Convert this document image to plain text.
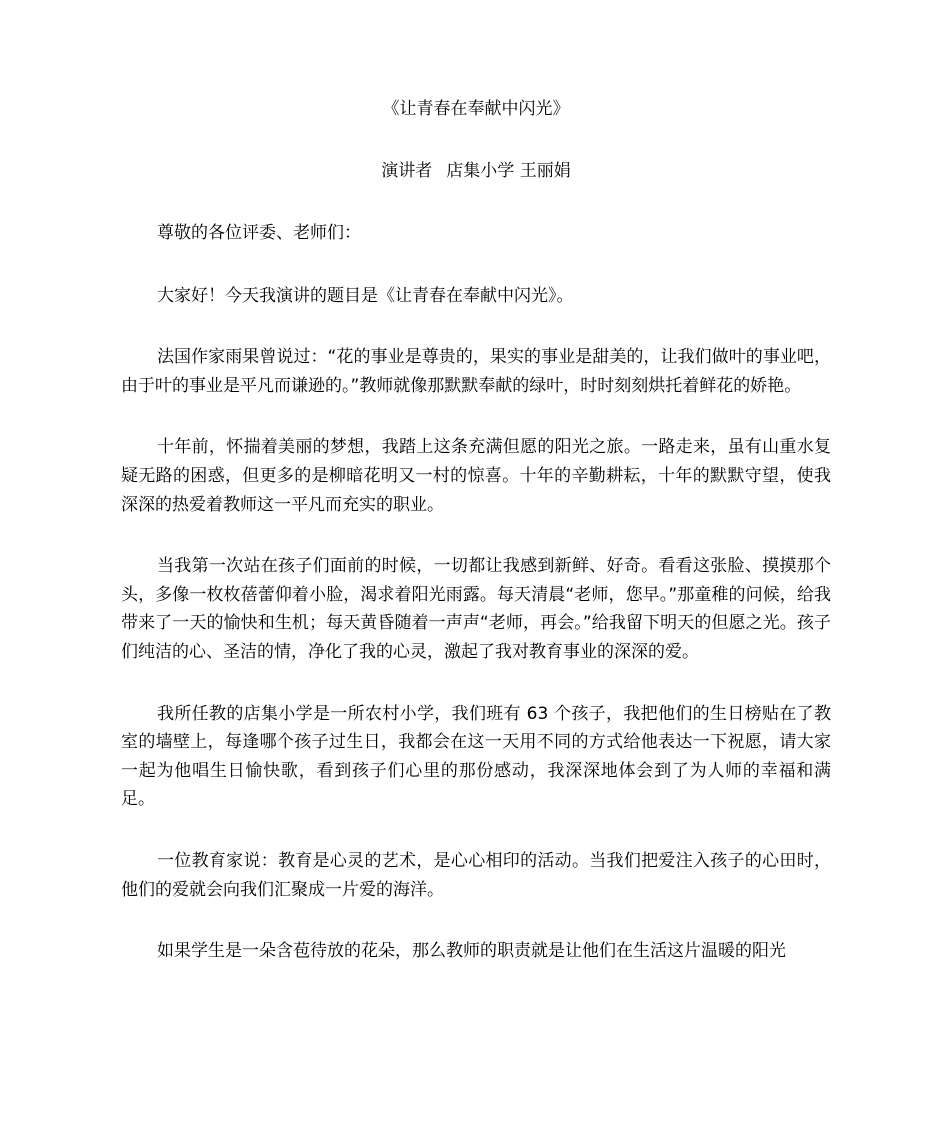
《让青春在奉献中闪光》

演讲者 店集小学 王丽娟

尊敬的各位评委、老师们：

大家好！今天我演讲的题目是《让青春在奉献中闪光》。

法国作家雨果曾说过：“花的事业是尊贵的，果实的事业是甜美的，让我们做叶的事业吧，由于叶的事业是平凡而谦逊的。”教师就像那默默奉献的绿叶，时时刻刻烘托着鲜花的娇艳。

十年前，怀揣着美丽的梦想，我踏上这条充满但愿的阳光之旅。一路走来，虽有山重水复疑无路的困惑，但更多的是柳暗花明又一村的惊喜。十年的辛勤耕耘，十年的默默守望，使我深深的热爱着教师这一平凡而充实的职业。

当我第一次站在孩子们面前的时候，一切都让我感到新鲜、好奇。看看这张脸、摸摸那个头，多像一枚枚蓓蕾仰着小脸，渴求着阳光雨露。每天清晨“老师，您早。”那童稚的问候，给我带来了一天的愉快和生机；每天黄昏随着一声声“老师，再会。”给我留下明天的但愿之光。孩子们纯洁的心、圣洁的情，净化了我的心灵，激起了我对教育事业的深深的爱。

我所任教的店集小学是一所农村小学，我们班有 63 个孩子，我把他们的生日榜贴在了教室的墙壁上，每逢哪个孩子过生日，我都会在这一天用不同的方式给他表达一下祝愿，请大家一起为他唱生日愉快歌，看到孩子们心里的那份感动，我深深地体会到了为人师的幸福和满足。

一位教育家说：教育是心灵的艺术，是心心相印的活动。当我们把爱注入孩子的心田时，他们的爱就会向我们汇聚成一片爱的海洋。

如果学生是一朵含苞待放的花朵，那么教师的职责就是让他们在生活这片温暖的阳光
